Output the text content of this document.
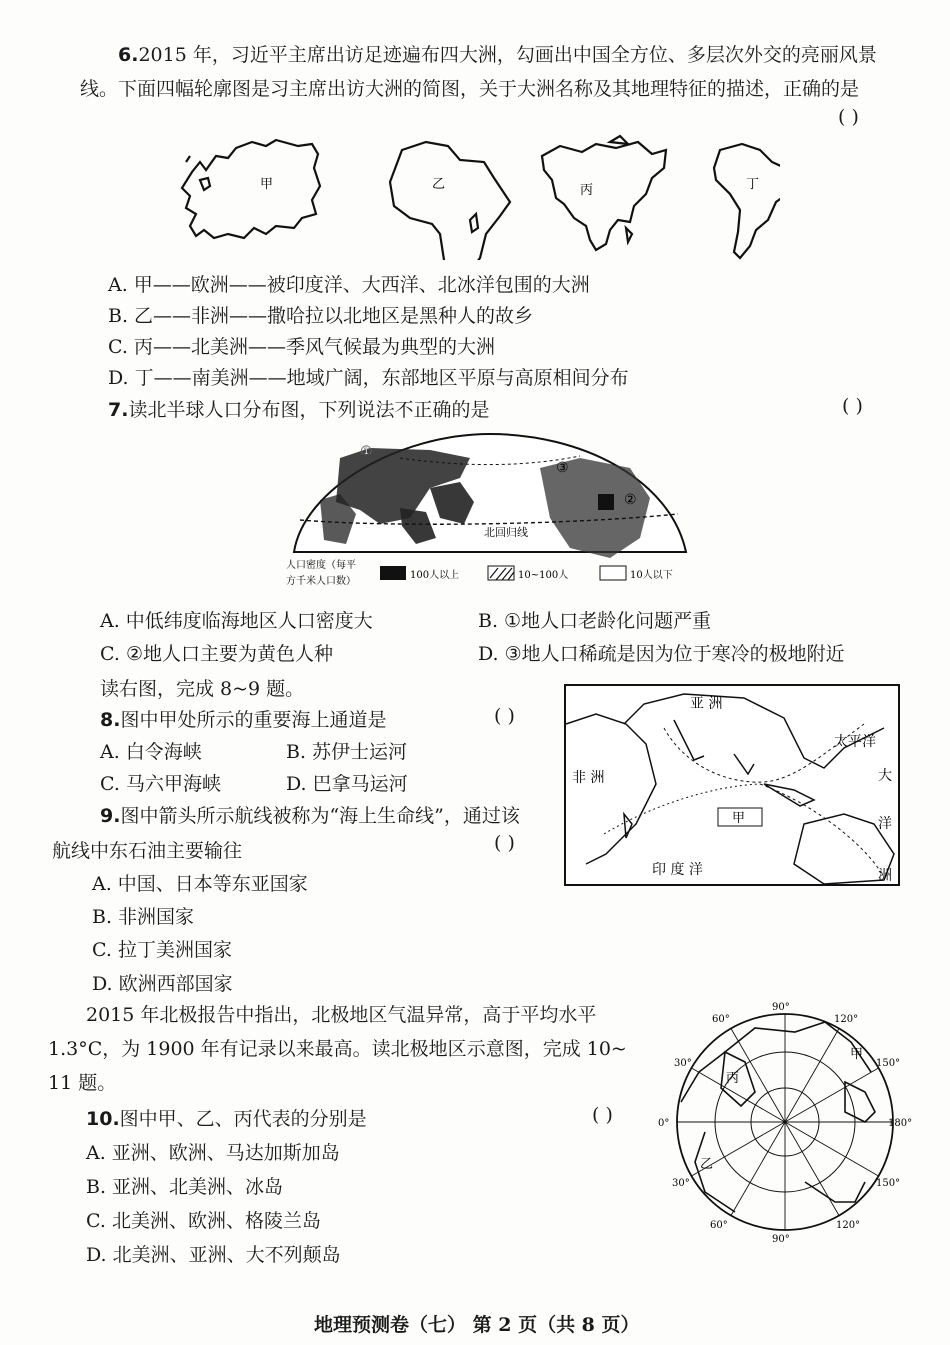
6.2015 年，习近平主席出访足迹遍布四大洲，勾画出中国全方位、多层次外交的亮丽风景
线。下面四幅轮廓图是习主席出访大洲的简图，关于大洲名称及其地理特征的描述，正确的是
( )
甲	乙	丙	丁
A. 甲——欧洲——被印度洋、大西洋、北冰洋包围的大洲
B. 乙——非洲——撒哈拉以北地区是黑种人的故乡
C. 丙——北美洲——季风气候最为典型的大洲
D. 丁——南美洲——地域广阔，东部地区平原与高原相间分布
7.读北半球人口分布图，下列说法不正确的是	( )
①
②
③
北回归线
人口密度（每平
方千米人口数）
100人以上	10~100人	10人以下
A. 中低纬度临海地区人口密度大	B. ①地人口老龄化问题严重
C. ②地人口主要为黄色人种	D. ③地人口稀疏是因为位于寒冷的极地附近
读右图，完成 8~9 题。
8.图中甲处所示的重要海上通道是	( )
A. 白令海峡	B. 苏伊士运河
C. 马六甲海峡	D. 巴拿马运河
甲
亚 洲
非 洲
太平洋
大
洋
洲
印 度 洋
9.图中箭头所示航线被称为“海上生命线”，通过该
航线中东石油主要输往	( )
A. 中国、日本等东亚国家
B. 非洲国家
C. 拉丁美洲国家
D. 欧洲西部国家
2015 年北极报告中指出，北极地区气温异常，高于平均水平
1.3°C，为 1900 年有记录以来最高。读北极地区示意图，完成 10~
11 题。
10.图中甲、乙、丙代表的分别是	( )
A. 亚洲、欧洲、马达加斯加岛
B. 亚洲、北美洲、冰岛
C. 北美洲、欧洲、格陵兰岛
D. 北美洲、亚洲、大不列颠岛
90°
60°	120°
30°	150°
0°	180°
30°	150°
60°	120°
90°
甲
乙
丙
地理预测卷（七） 第 2 页（共 8 页）
